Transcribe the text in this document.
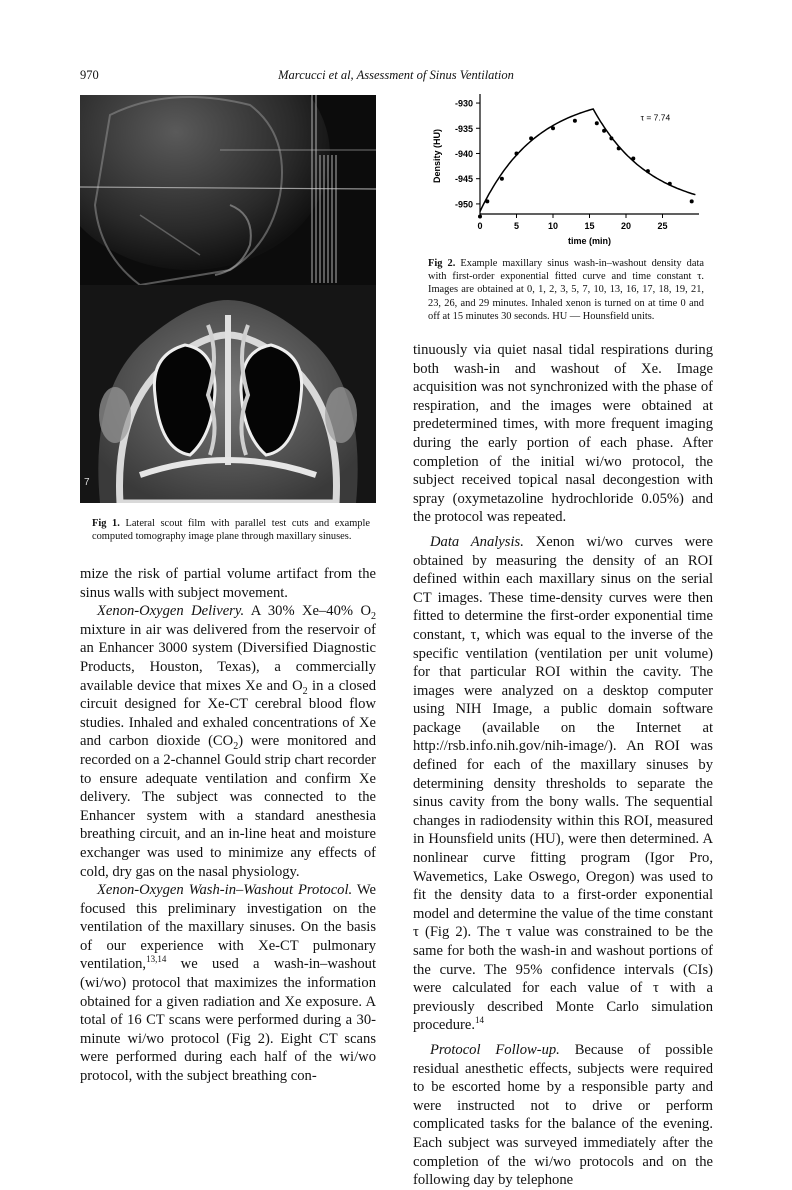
970	Marcucci et al, Assessment of Sinus Ventilation
7
Fig 1. Lateral scout film with parallel test cuts and example computed tomography image plane through maxillary sinuses.
-930
-935
-940
-945
-950
0	5	10	15	20	25
time (min)
Density (HU)
τ = 7.74
Fig 2. Example maxillary sinus wash-in–washout density data with first-order exponential fitted curve and time constant τ. Images are obtained at 0, 1, 2, 3, 5, 7, 10, 13, 16, 17, 18, 19, 21, 23, 26, and 29 minutes. Inhaled xenon is turned on at time 0 and off at 15 minutes 30 seconds. HU — Hounsfield units.

mize the risk of partial volume artifact from the sinus walls with subject movement.

Xenon-Oxygen Delivery. A 30% Xe–40% $O_2$ mixture in air was delivered from the reservoir of an Enhancer 3000 system (Diversified Diagnostic Products, Houston, Texas), a commercially available device that mixes Xe and $O_2$ in a closed circuit designed for Xe-CT cerebral blood flow studies. Inhaled and exhaled concentrations of Xe and carbon dioxide $(CO_2)$ were monitored and recorded on a 2-channel Gould strip chart recorder to ensure adequate ventilation and confirm Xe delivery. The subject was connected to the Enhancer system with a standard anesthesia breathing circuit, and an in-line heat and moisture exchanger was used to minimize any effects of cold, dry gas on the nasal physiology.

Xenon-Oxygen Wash-in–Washout Protocol. We focused this preliminary investigation on the ventilation of the maxillary sinuses. On the basis of our experience with Xe-CT pulmonary ventilation,$^{13,14}$ we used a wash-in–washout (wi/wo) protocol that maximizes the information obtained for a given radiation and Xe exposure. A total of 16 CT scans were performed during a 30-minute wi/wo protocol (Fig 2). Eight CT scans were performed during each half of the wi/wo protocol, with the subject breathing con-

tinuously via quiet nasal tidal respirations during both wash-in and washout of Xe. Image acquisition was not synchronized with the phase of respiration, and the images were obtained at predetermined times, with more frequent imaging during the early portion of each phase. After completion of the initial wi/wo protocol, the subject received topical nasal decongestion with spray (oxymetazoline hydrochloride 0.05%) and the protocol was repeated.

Data Analysis. Xenon wi/wo curves were obtained by measuring the density of an ROI defined within each maxillary sinus on the serial CT images. These time-density curves were then fitted to determine the first-order exponential time constant, τ, which was equal to the inverse of the specific ventilation (ventilation per unit volume) for that particular ROI within the cavity. The images were analyzed on a desktop computer using NIH Image, a public domain software package (available on the Internet at http://rsb.info.nih.gov/nih-image/). An ROI was defined for each of the maxillary sinuses by determining density thresholds to separate the sinus cavity from the bony walls. The sequential changes in radiodensity within this ROI, measured in Hounsfield units (HU), were then determined. A nonlinear curve fitting program (Igor Pro, Wavemetics, Lake Oswego, Oregon) was used to fit the density data to a first-order exponential model and determine the value of the time constant τ (Fig 2). The τ value was constrained to be the same for both the wash-in and washout portions of the curve. The 95% confidence intervals (CIs) were calculated for each value of τ with a previously described Monte Carlo simulation procedure.$^{14}$

Protocol Follow-up. Because of possible residual anesthetic effects, subjects were required to be escorted home by a responsible party and were instructed not to drive or perform complicated tasks for the balance of the evening. Each subject was surveyed immediately after the completion of the wi/wo protocols and on the following day by telephone
